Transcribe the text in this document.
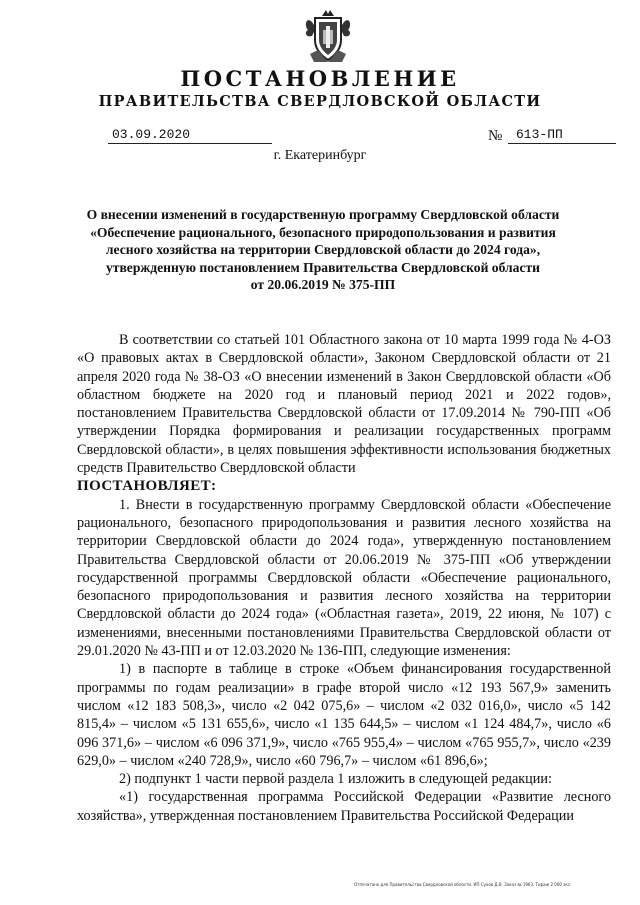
ПОСТАНОВЛЕНИЕ
ПРАВИТЕЛЬСТВА СВЕРДЛОВСКОЙ ОБЛАСТИ
03.09.2020	№	613-ПП
г. Екатеринбург
О внесении изменений в государственную программу Свердловской области
«Обеспечение рационального, безопасного природопользования и развития
лесного хозяйства на территории Свердловской области до 2024 года»,
утвержденную постановлением Правительства Свердловской области
от 20.06.2019 № 375-ПП

В соответствии со статьей 101 Областного закона от 10 марта 1999 года № 4-ОЗ «О правовых актах в Свердловской области», Законом Свердловской области от 21 апреля 2020 года № 38-ОЗ «О внесении изменений в Закон Свердловской области «Об областном бюджете на 2020 год и плановый период 2021 и 2022 годов», постановлением Правительства Свердловской области от 17.09.2014 № 790-ПП «Об утверждении Порядка формирования и реализации государственных программ Свердловской области», в целях повышения эффективности использования бюджетных средств Правительство Свердловской области

ПОСТАНОВЛЯЕТ:

1. Внести в государственную программу Свердловской области «Обеспечение рационального, безопасного природопользования и развития лесного хозяйства на территории Свердловской области до 2024 года», утвержденную постановлением Правительства Свердловской области от 20.06.2019 № 375-ПП «Об утверждении государственной программы Свердловской области «Обеспечение рационального, безопасного природопользования и развития лесного хозяйства на территории Свердловской области до 2024 года» («Областная газета», 2019, 22 июня, № 107) с изменениями, внесенными постановлениями Правительства Свердловской области от 29.01.2020 № 43-ПП и от 12.03.2020 № 136-ПП, следующие изменения:

1) в паспорте в таблице в строке «Объем финансирования государственной программы по годам реализации» в графе второй число «12 193 567,9» заменить числом «12 183 508,3», число «2 042 075,6» – числом «2 032 016,0», число «5 142 815,4» – числом «5 131 655,6», число «1 135 644,5» – числом «1 124 484,7», число «6 096 371,6» – числом «6 096 371,9», число «765 955,4» – числом «765 955,7», число «239 629,0» – числом «240 728,9», число «60 796,7» – числом «61 896,6»;

2) подпункт 1 части первой раздела 1 изложить в следующей редакции:

«1) государственная программа Российской Федерации «Развитие лесного хозяйства», утвержденная постановлением Правительства Российской Федерации

Отпечатано для Правительства Свердловской области. ИП Сухов Д.В. Заказ № 1963. Тираж 2 000 экз.
